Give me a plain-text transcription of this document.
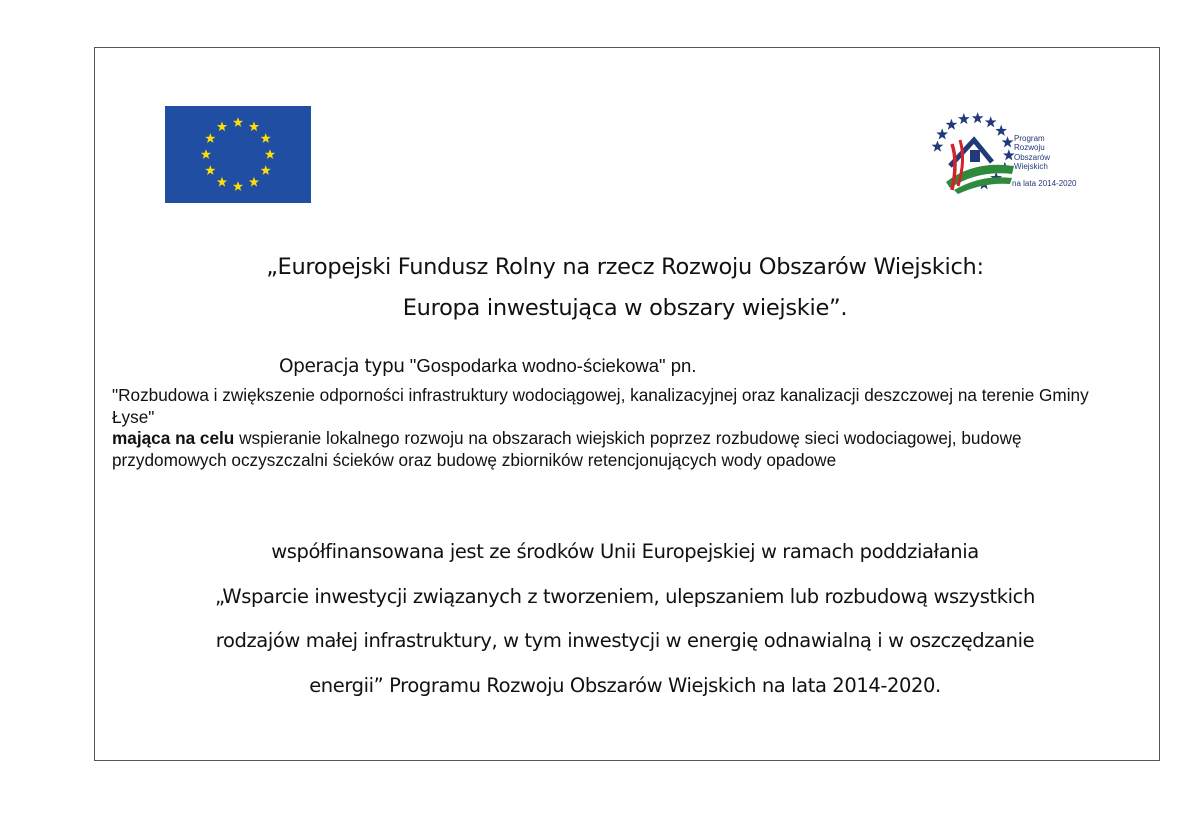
Program
Rozwoju
Obszarów
Wiejskich
na lata 2014-2020
„Europejski Fundusz Rolny na rzecz Rozwoju Obszarów Wiejskich:
Europa inwestująca w obszary wiejskie”.
Operacja typu "Gospodarka wodno-ściekowa" pn.

"Rozbudowa i zwiększenie odporności infrastruktury wodociągowej, kanalizacyjnej oraz kanalizacji deszczowej na terenie Gminy Łyse"

mająca na celu wspieranie lokalnego rozwoju na obszarach wiejskich poprzez rozbudowę sieci wodociagowej, budowę przydomowych oczyszczalni ścieków oraz budowę zbiorników retencjonujących wody opadowe

współfinansowana jest ze środków Unii Europejskiej w ramach poddziałania
„Wsparcie inwestycji związanych z tworzeniem, ulepszaniem lub rozbudową wszystkich
rodzajów małej infrastruktury, w tym inwestycji w energię odnawialną i w oszczędzanie
energii” Programu Rozwoju Obszarów Wiejskich na lata 2014-2020.
